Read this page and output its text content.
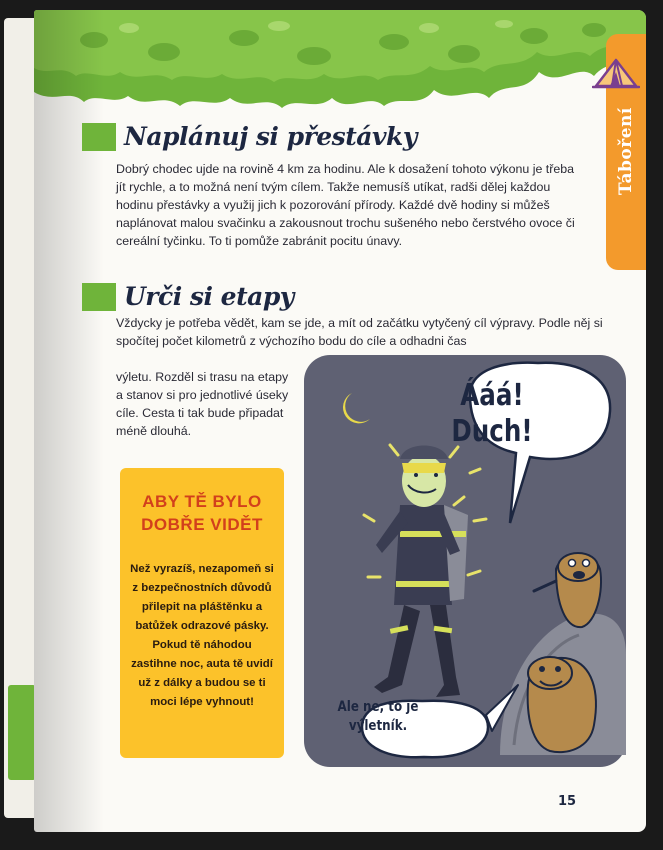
Táboření
Naplánuj si přestávky
Dobrý chodec ujde na rovině 4 km za hodinu. Ale k dosažení tohoto výkonu je třeba jít rychle, a to možná není tvým cílem. Takže nemusíš utíkat, radši dělej každou hodinu přestávky a využij jich k pozorování přírody. Každé dvě hodiny si můžeš naplánovat malou svačinku a zakousnout trochu sušeného nebo čerstvého ovoce či cereální tyčinku. To ti pomůže zabránit pocitu únavy.
Urči si etapy
Vždycky je potřeba vědět, kam se jde, a mít od začátku vytyčený cíl výpravy. Podle něj si spočítej počet kilometrů z výchozího bodu do cíle a odhadni čas
výletu. Rozděl si trasu na etapy a stanov si pro jednotlivé úseky cíle. Cesta ti tak bude připadat méně dlouhá.
ABY TĚ BYLO
DOBŘE VIDĚT
Než vyrazíš, nezapomeň si z bezpečnostních důvodů přilepit na pláštěnku a batůžek odrazové pásky. Pokud tě náhodou zastihne noc, auta tě uvidí už z dálky a budou se ti moci lépe vyhnout!
15
Ááá!
Duch!
Ale ne, to je
výletník.
